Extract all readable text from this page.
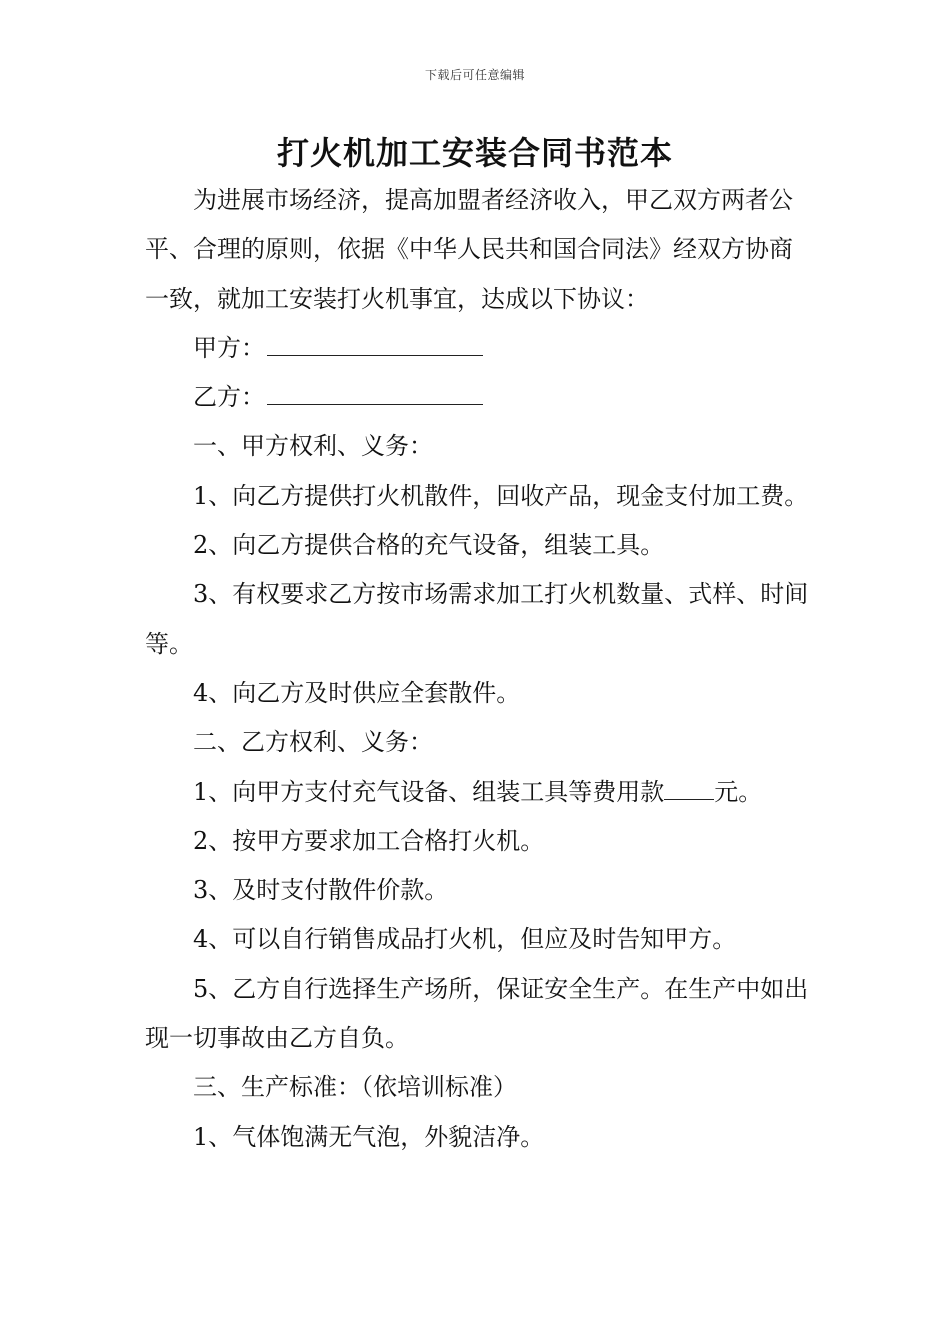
下载后可任意编辑
打火机加工安装合同书范本

为进展市场经济，提高加盟者经济收入，甲乙双方两者公平、合理的原则，依据《中华人民共和国合同法》经双方协商一致，就加工安装打火机事宜，达成以下协议：

甲方：

乙方：

一、甲方权利、义务：

1、向乙方提供打火机散件，回收产品，现金支付加工费。

2、向乙方提供合格的充气设备，组装工具。

3、有权要求乙方按市场需求加工打火机数量、式样、时间等。

4、向乙方及时供应全套散件。

二、乙方权利、义务：

1、向甲方支付充气设备、组装工具等费用款 元。

2、按甲方要求加工合格打火机。

3、及时支付散件价款。

4、可以自行销售成品打火机，但应及时告知甲方。

5、乙方自行选择生产场所，保证安全生产。在生产中如出现一切事故由乙方自负。

三、生产标准：（依培训标准）

1、气体饱满无气泡，外貌洁净。
